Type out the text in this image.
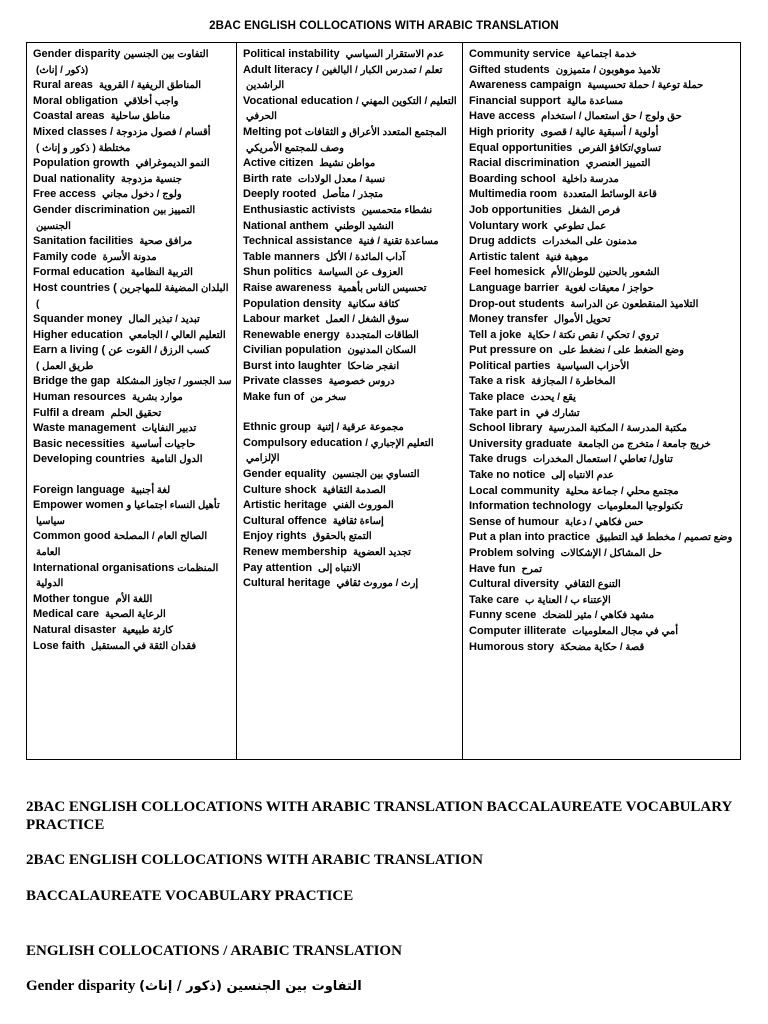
2BAC ENGLISH COLLOCATIONS WITH ARABIC TRANSLATION
Gender disparity التفاوت بين الجنسين (ذكور / إناث)
Rural areas المناطق الريفية / القروية
Moral obligation واجب أخلاقي
Coastal areas مناطق ساحلية
Mixed classes / أقسام / فصول مزدوجة مختلطة ( ذكور و إناث )
Population growth النمو الديموغرافي
Dual nationality جنسية مزدوجة
Free access ولوج / دخول مجاني
Gender discrimination التمييز بين الجنسين
Sanitation facilities مرافق صحية
Family code مدونة الأسرة
Formal education التربية النظامية
Host countries ( البلدان المضيفة للمهاجرين )
Squander money تبديد / تبذير المال
Higher education التعليم العالي / الجامعي
Earn a living ( عن كسب الرزق / القوت طريق العمل )
Bridge the gap سد الجسور / تجاوز المشكلة
Human resources موارد بشرية
Fulfil a dream تحقيق الحلم
Waste management تدبير النفايات
Basic necessities حاجيات أساسية
Developing countries الدول النامية
Foreign language لغة أجنبية
Empower women تأهيل النساء اجتماعيا و سياسيا
Common good الصالح العام / المصلحة العامة
International organisations المنظمات الدولية
Mother tongue اللغة الأم
Medical care الرعاية الصحية
Natural disaster كارثة طبيعية
Lose faith فقدان الثقة في المستقبل
Political instability عدم الاستقرار السياسي
Adult literacy / تعلم / تمدرس الكبار / البالغين الراشدين
Vocational education التعليم / التكوين المهني / الحرفي
Melting pot المجتمع المتعدد الأعراق و الثقافات وصف للمجتمع الأمريكي
Active citizen مواطن نشيط
Birth rate نسبة / معدل الولادات
Deeply rooted متجذر / متأصل
Enthusiastic activists نشطاء متحمسين
National anthem النشيد الوطني
Technical assistance مساعدة تقنية / فنية
Table manners آداب المائدة / الأكل
Shun politics العزوف عن السياسة
Raise awareness تحسيس الناس بأهمية
Population density كثافة سكانية
Labour market سوق الشغل / العمل
Renewable energy الطاقات المتجددة
Civilian population السكان المدنيون
Burst into laughter انفجر ضاحكا
Private classes دروس خصوصية
Make fun of سخر من
Ethnic group مجموعة عرقية / إثنية
Compulsory education التعليم الإجباري / الإلزامي
Gender equality التساوي بين الجنسين
Culture shock الصدمة الثقافية
Artistic heritage الموروث الفني
Cultural offence إساءة ثقافية
Enjoy rights التمتع بالحقوق
Renew membership تجديد العضوية
Pay attention الانتباه إلى
Cultural heritage إرث / موروث ثقافي
Community service خدمة اجتماعية
Gifted students تلاميذ موهوبون / متميزون
Awareness campaign حملة توعية / حملة تحسيسية
Financial support مساعدة مالية
Have access حق ولوج / حق استعمال / استخدام
High priority أولوية / أسبقية عالية / قصوى
Equal opportunities تساوي/تكافؤ الفرص
Racial discrimination التمييز العنصري
Boarding school مدرسة داخلية
Multimedia room قاعة الوسائط المتعددة
Job opportunities فرص الشغل
Voluntary work عمل تطوعي
Drug addicts مدمنون على المخدرات
Artistic talent موهبة فنية
Feel homesick الشعور بالحنين للوطن/الأم
Language barrier حواجز / معيقات لغوية
Drop-out students التلاميذ المنقطعون عن الدراسة
Money transfer تحويل الأموال
Tell a joke تروي / تحكي / نقص نكتة / حكاية
Put pressure on وضع الضغط على / نضغط على
Political parties الأحزاب السياسية
Take a risk المخاطرة / المجازفة
Take place يقع / يحدث
Take part in تشارك في
School library مكتبة المدرسة / المكتبة المدرسية
University graduate خريج جامعة / متخرج من الجامعة
Take drugs تناول/ تعاطي / استعمال المخدرات
Take no notice عدم الانتباه إلى
Local community مجتمع محلي / جماعة محلية
Information technology تكنولوجيا المعلوميات
Sense of humour حس فكاهي / دعابة
Put a plan into practice وضع تصميم / مخطط قيد التطبيق
Problem solving حل المشاكل / الإشكالات
Have fun تمرح
Cultural diversity التنوع الثقافي
Take care الإعتناء ب / العناية ب
Funny scene مشهد فكاهي / مثير للضحك
Computer illiterate أمي في مجال المعلوميات
Humorous story قصة / حكاية مضحكة
2BAC ENGLISH COLLOCATIONS WITH ARABIC TRANSLATION BACCALAUREATE VOCABULARY PRACTICE
2BAC ENGLISH COLLOCATIONS WITH ARABIC TRANSLATION
BACCALAUREATE VOCABULARY PRACTICE
ENGLISH COLLOCATIONS / ARABIC TRANSLATION
Gender disparity (ذكور / إناث) التفاوت بين الجنسين
